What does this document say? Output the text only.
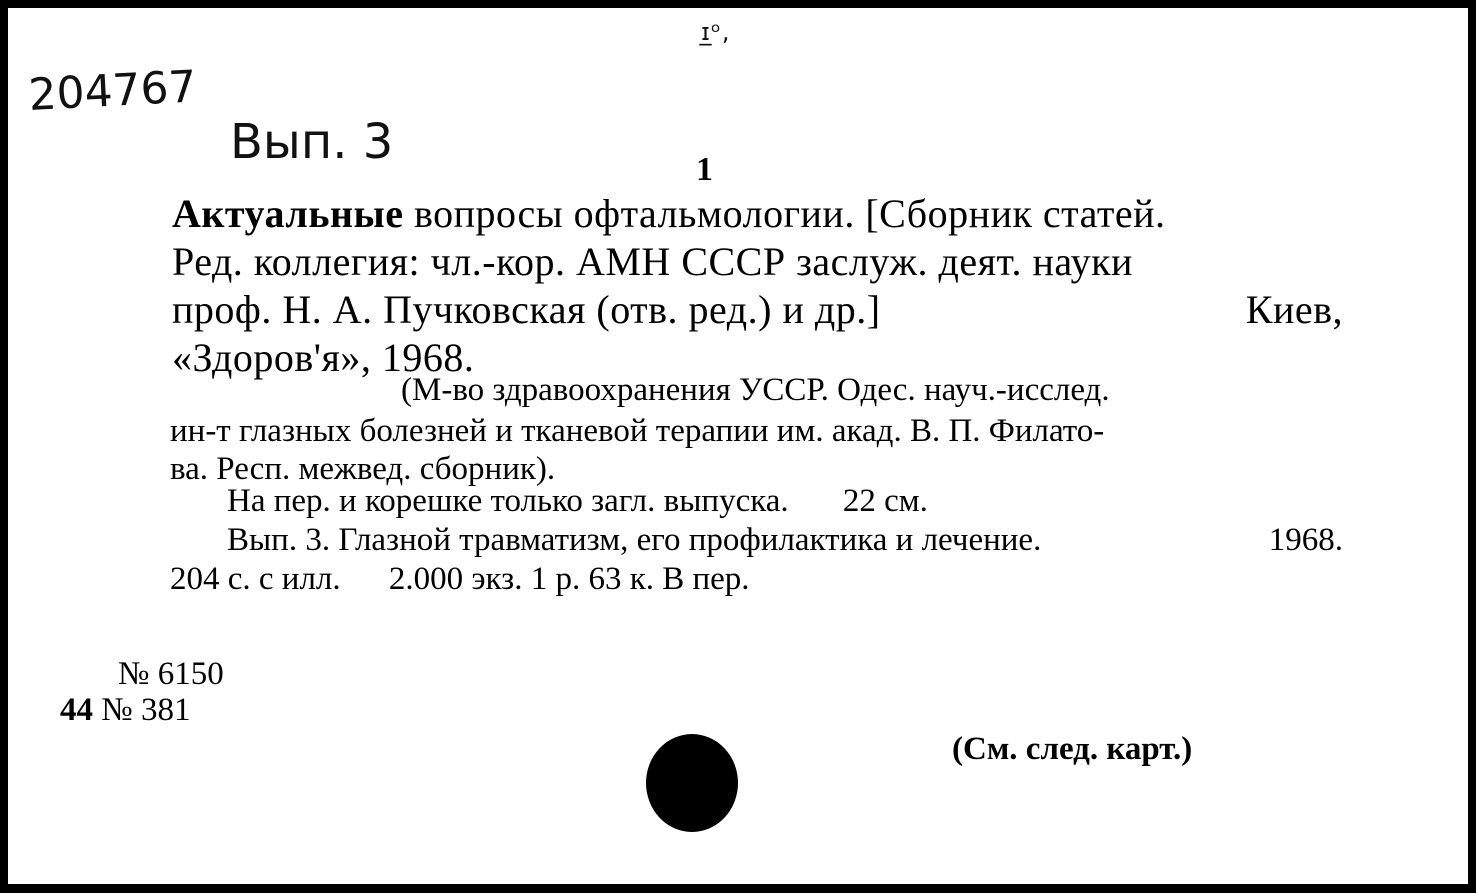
ɪ̲ᵒ,
204767
Вып. 3	1
Актуальные вопросы офтальмологии. [Сборник статей.
Ред. коллегия: чл.-кор. АМН СССР заслуж. деят. науки
проф. Н. А. Пучковская (отв. ред.) и др.]	Киев,
«Здоров'я», 1968.
(М-во здравоохранения УССР. Одес. науч.-исслед.
ин-т глазных болезней и тканевой терапии им. акад. В. П. Филато-
ва. Респ. межвед. сборник).
На пер. и корешке только загл. выпуска. 22 см.
Вып. 3. Глазной травматизм, его профилактика и лечение.	1968.
204 с. с илл. 2.000 экз. 1 р. 63 к. В пер.
№ 6150
44 № 381
(См. след. карт.)
